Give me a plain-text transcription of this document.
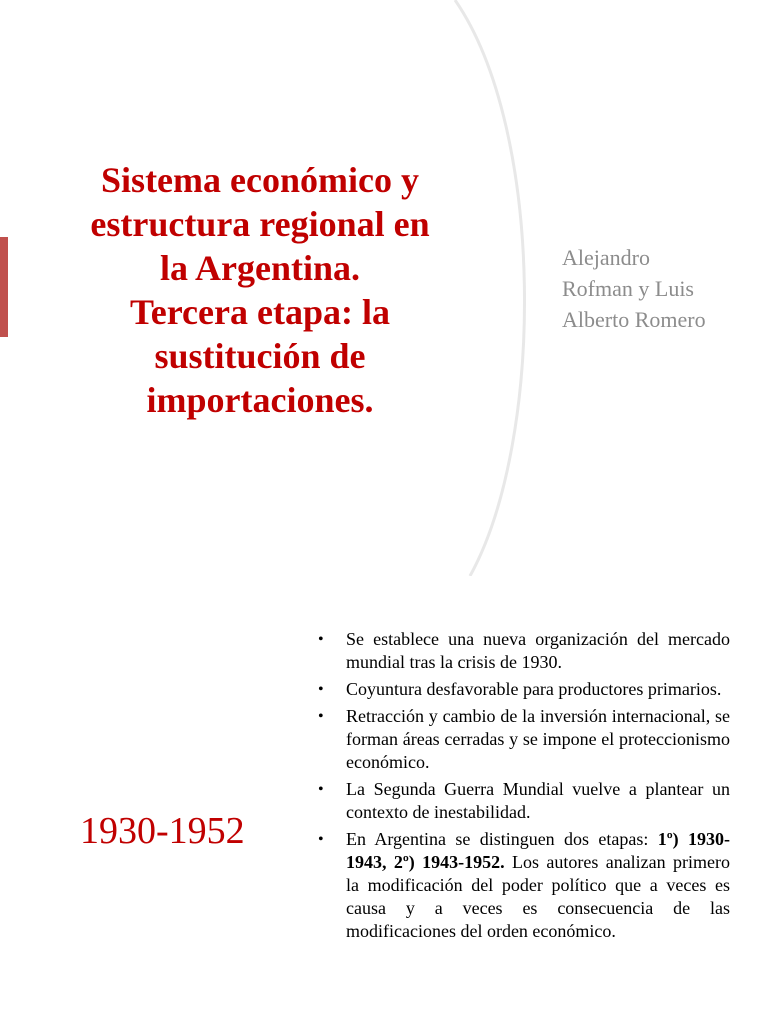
Sistema económico y
estructura regional en
la Argentina.
Tercera etapa: la
sustitución de
importaciones.
Alejandro
Rofman y Luis
Alberto Romero
1930-1952
• Se establece una nueva organización del mercado mundial tras la crisis de 1930.
• Coyuntura desfavorable para productores primarios.
• Retracción y cambio de la inversión internacional, se forman áreas cerradas y se impone el proteccionismo económico.
• La Segunda Guerra Mundial vuelve a plantear un contexto de inestabilidad.
• En Argentina se distinguen dos etapas: 1º) 1930-1943, 2º) 1943-1952. Los autores analizan primero la modificación del poder político que a veces es causa y a veces es consecuencia de las modificaciones del orden económico.
